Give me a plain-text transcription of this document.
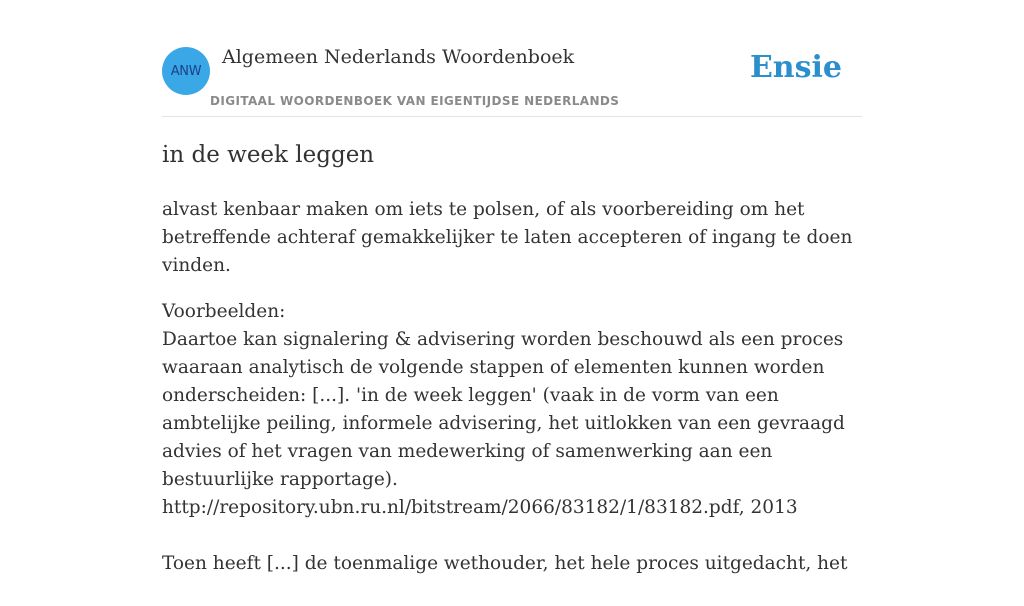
ANW
Algemeen Nederlands Woordenboek
DIGITAAL WOORDENBOEK VAN EIGENTIJDSE NEDERLANDS
Ensie
in de week leggen

alvast kenbaar maken om iets te polsen, of als voorbereiding om het betreffende achteraf gemakkelijker te laten accepteren of ingang te doen vinden.

Voorbeelden:
Daartoe kan signalering & advisering worden beschouwd als een proces waaraan analytisch de volgende stappen of elementen kunnen worden onderscheiden: [...]. 'in de week leggen' (vaak in de vorm van een ambtelijke peiling, informele advisering, het uitlokken van een gevraagd advies of het vragen van medewerking of samenwerking aan een bestuurlijke rapportage).
http://repository.ubn.ru.nl/bitstream/2066/83182/1/83182.pdf, 2013
Toen heeft [...] de toenmalige wethouder, het hele proces uitgedacht, het
